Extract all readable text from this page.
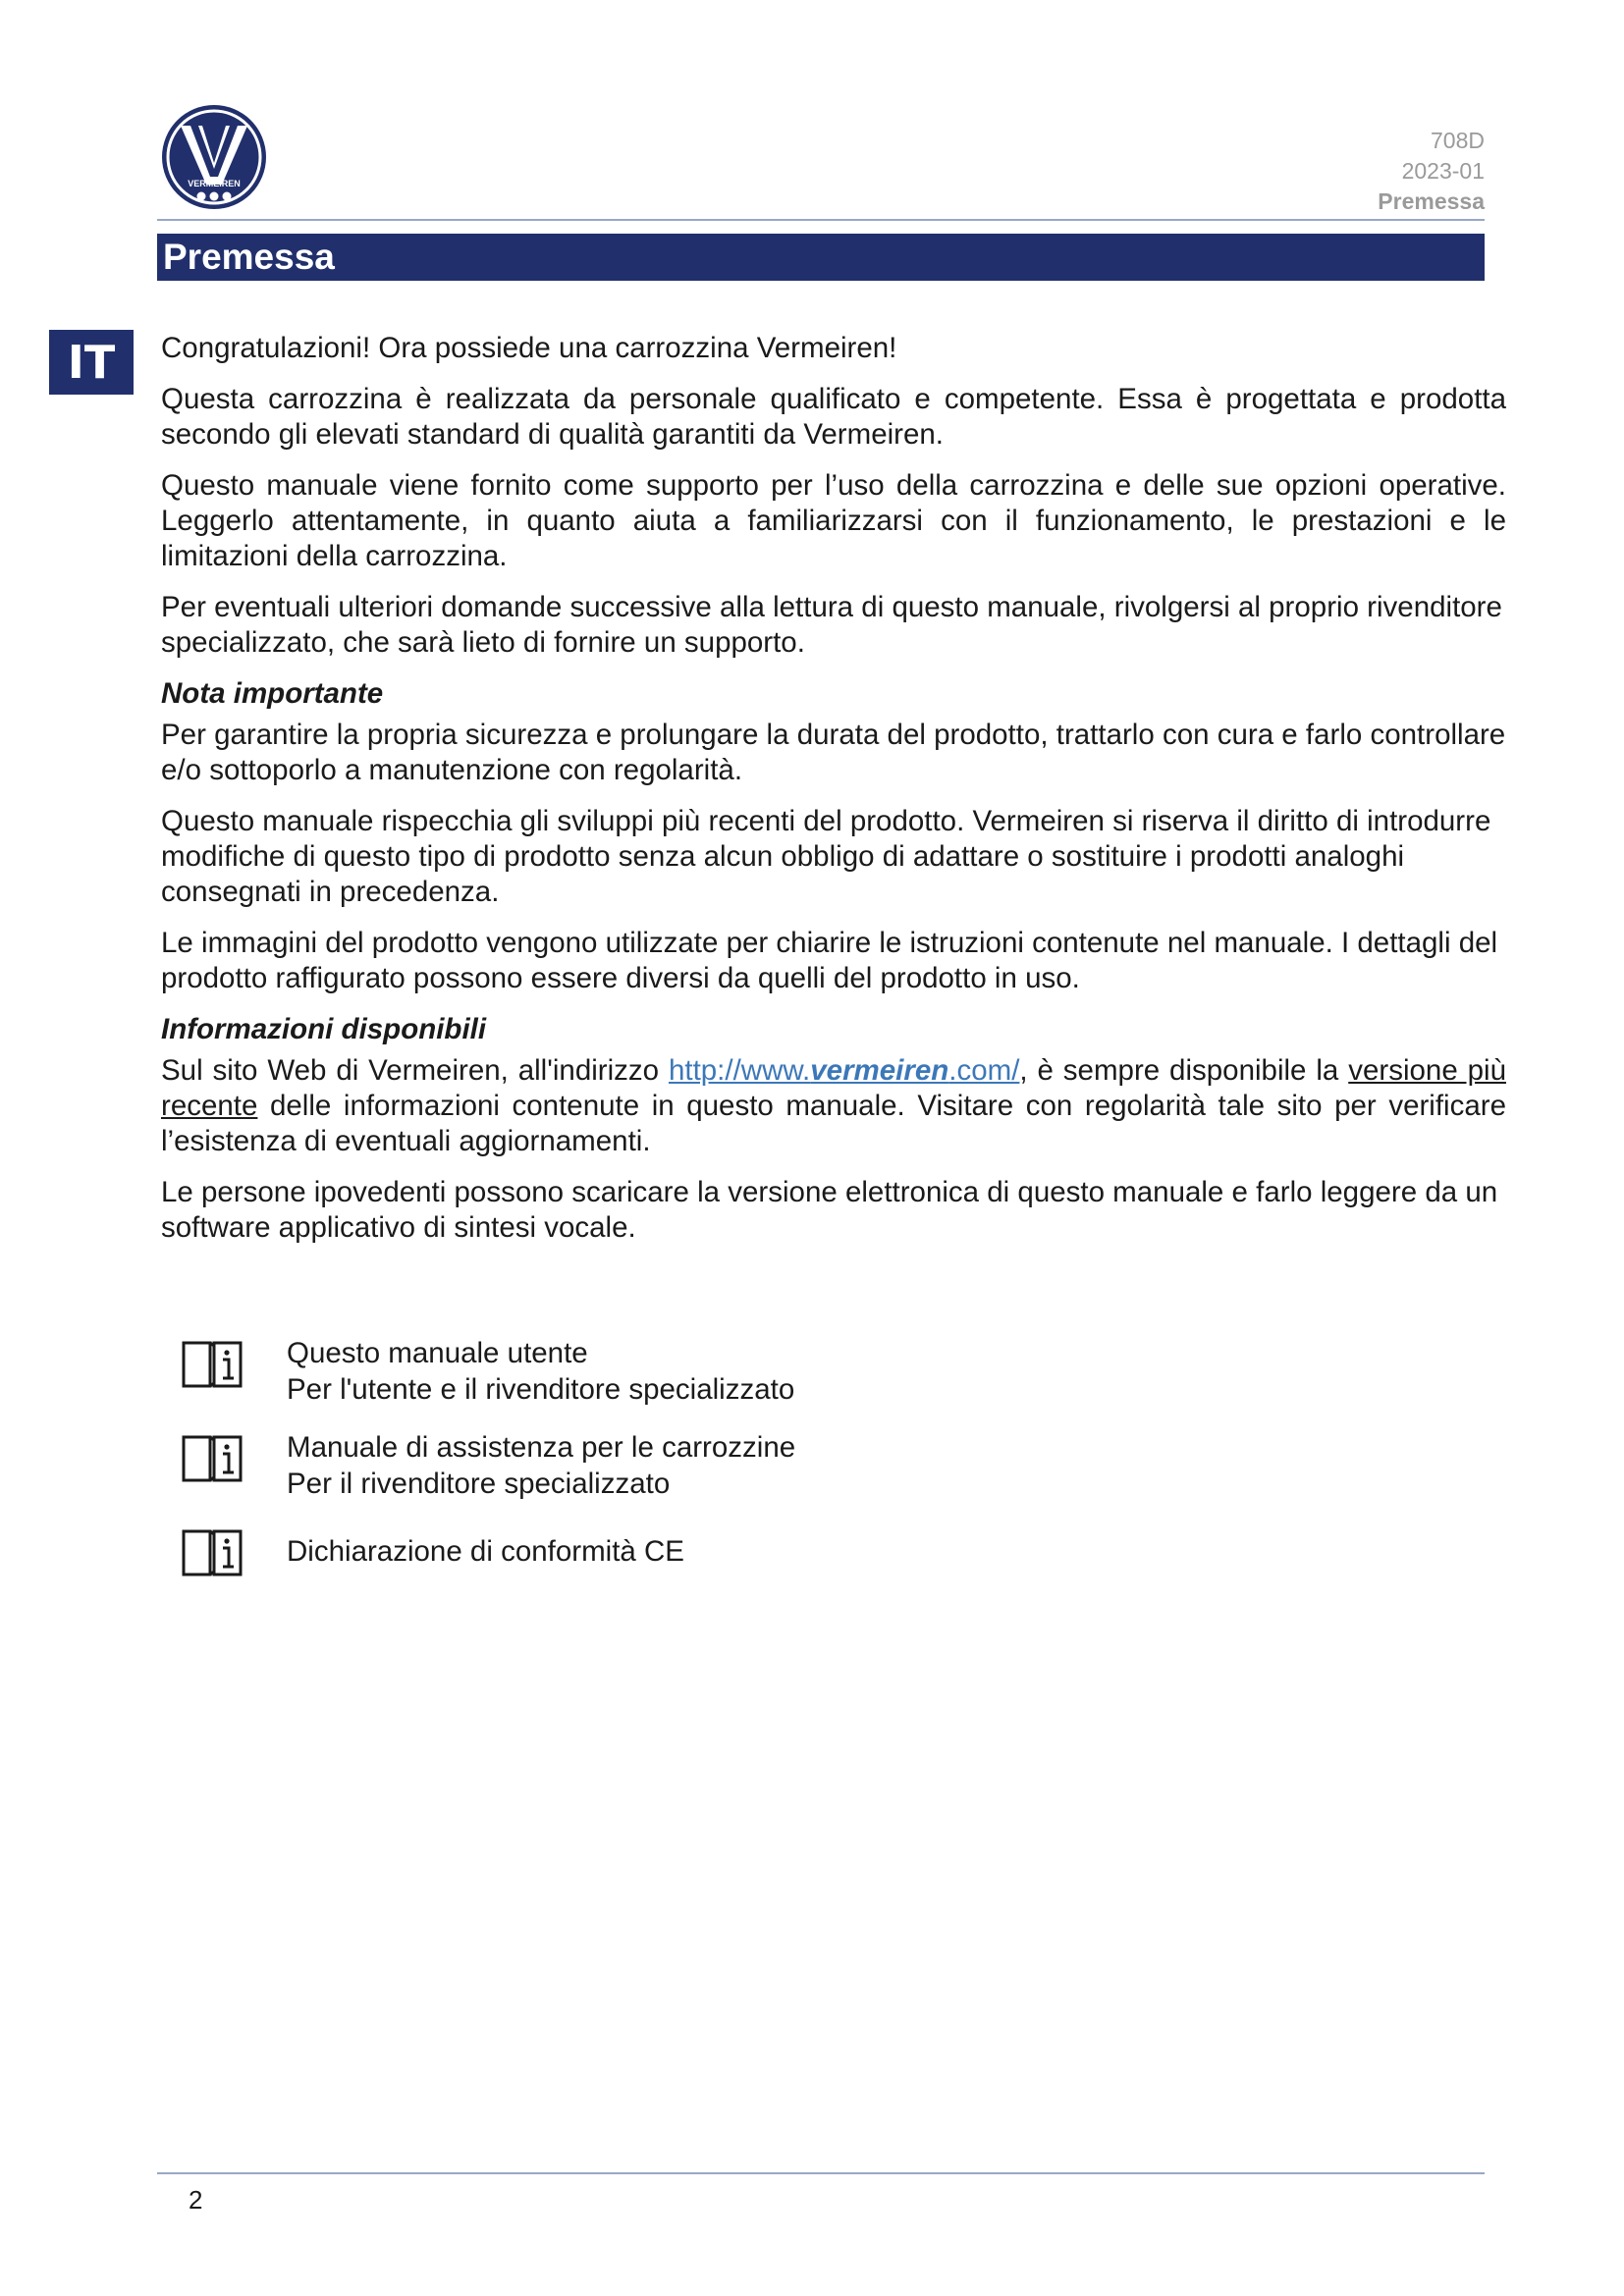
VERMEIREN
708D
2023-01
Premessa
Premessa
IT	Congratulazioni! Ora possiede una carrozzina Vermeiren!

Questa carrozzina è realizzata da personale qualificato e competente. Essa è progettata e prodotta secondo gli elevati standard di qualità garantiti da Vermeiren.

Questo manuale viene fornito come supporto per l’uso della carrozzina e delle sue opzioni operative. Leggerlo attentamente, in quanto aiuta a familiarizzarsi con il funzionamento, le prestazioni e le limitazioni della carrozzina.

Per eventuali ulteriori domande successive alla lettura di questo manuale, rivolgersi al proprio rivenditore specializzato, che sarà lieto di fornire un supporto.

Nota importante

Per garantire la propria sicurezza e prolungare la durata del prodotto, trattarlo con cura e farlo controllare e/o sottoporlo a manutenzione con regolarità.

Questo manuale rispecchia gli sviluppi più recenti del prodotto. Vermeiren si riserva il diritto di introdurre modifiche di questo tipo di prodotto senza alcun obbligo di adattare o sostituire i prodotti analoghi consegnati in precedenza.

Le immagini del prodotto vengono utilizzate per chiarire le istruzioni contenute nel manuale. I dettagli del prodotto raffigurato possono essere diversi da quelli del prodotto in uso.

Informazioni disponibili

Sul sito Web di Vermeiren, all'indirizzo http://www.vermeiren.com/, è sempre disponibile la versione più recente delle informazioni contenute in questo manuale. Visitare con regolarità tale sito per verificare l’esistenza di eventuali aggiornamenti.

Le persone ipovedenti possono scaricare la versione elettronica di questo manuale e farlo leggere da un software applicativo di sintesi vocale.

Questo manuale utente
Per l'utente e il rivenditore specializzato
Manuale di assistenza per le carrozzine
Per il rivenditore specializzato
Dichiarazione di conformità CE
2
